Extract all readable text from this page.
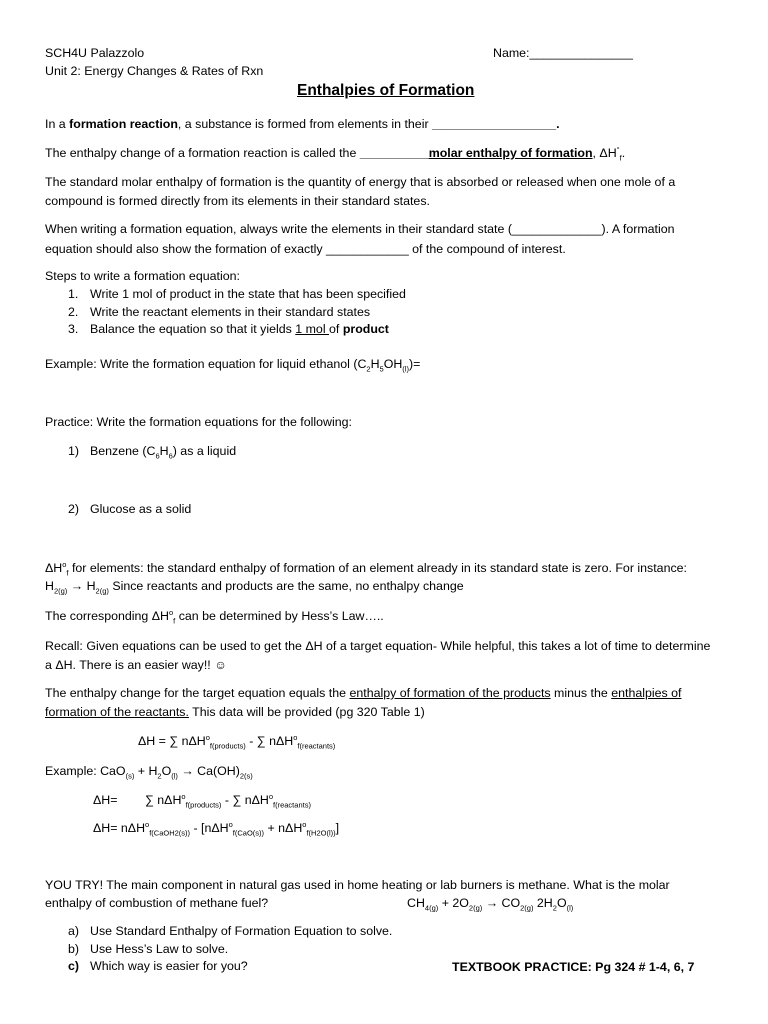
SCH4U Palazzolo
Unit 2: Energy Changes & Rates of Rxn
Name:_______________
Enthalpies of Formation
In a formation reaction, a substance is formed from elements in their __________________.
The enthalpy change of a formation reaction is called the __________molar enthalpy of formation, $\Delta H^\circ_f$.
The standard molar enthalpy of formation is the quantity of energy that is absorbed or released when one mole of a compound is formed directly from its elements in their standard states.
When writing a formation equation, always write the elements in their standard state (_____________). A formation equation should also show the formation of exactly ____________ of the compound of interest.
Steps to write a formation equation:
1. Write 1 mol of product in the state that has been specified
2. Write the reactant elements in their standard states
3. Balance the equation so that it yields 1 mol of product
Example: Write the formation equation for liquid ethanol $(C_2H_5OH_{(l)})=$
Practice: Write the formation equations for the following:
1) Benzene $(C_6H_6)$ as a liquid
2) Glucose as a solid
$\Delta H^o_f$ for elements: the standard enthalpy of formation of an element already in its standard state is zero. For instance:
$H_{2(g)} \to H_{2(g)}$ Since reactants and products are the same, no enthalpy change
The corresponding $\Delta H^o_f$ can be determined by Hess’s Law…..
Recall: Given equations can be used to get the ΔH of a target equation- While helpful, this takes a lot of time to determine a ΔH. There is an easier way!! ☺
The enthalpy change for the target equation equals the enthalpy of formation of the products minus the enthalpies of formation of the reactants. This data will be provided (pg 320 Table 1)
ΔH = ∑ nΔH$^o_{f(products)}$ - ∑ nΔH$^o_{f(reactants)}$
Example: $CaO_{(s)} + H_2O_{(l)} \to Ca(OH)_{2(s)}$
ΔH= ∑ nΔH$^o_{f(products)}$ - ∑ nΔH$^o_{f(reactants)}$
ΔH= nΔH$^o_{f(CaOH2(s))}$ - [nΔH$^o_{f(CaO(s))}$ + nΔH$^o_{f(H2O(l))}$]
YOU TRY! The main component in natural gas used in home heating or lab burners is methane. What is the molar
enthalpy of combustion of methane fuel?	$CH_{4(g)} + 2O_{2(g)} \to CO_{2(g)}$ $2H_2O_{(l)}$
a) Use Standard Enthalpy of Formation Equation to solve.
b) Use Hess’s Law to solve.
c) Which way is easier for you?	TEXTBOOK PRACTICE: Pg 324 # 1-4, 6, 7
